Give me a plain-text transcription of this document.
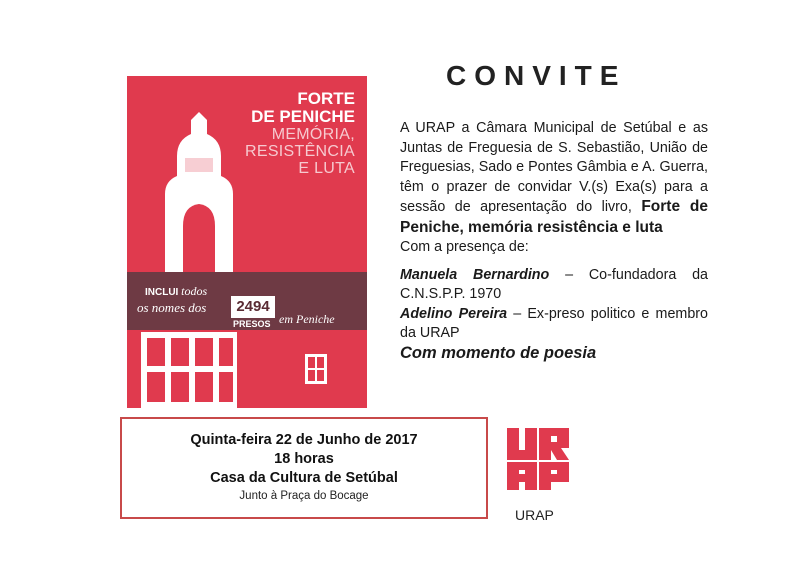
FORTE
DE PENICHE
MEMÓRIA,
RESISTÊNCIA
E LUTA
INCLUI todos
os nomes dos	2494
PRESOS em Peniche
CONVITE

A URAP a Câmara Municipal de Setúbal e as Juntas de Freguesia de S. Sebastião, União de Freguesias, Sado e Pontes Gâmbia e A. Guerra, têm o prazer de convidar V.(s) Exa(s) para a sessão de apresentação do livro, Forte de Peniche, memória resistência e luta

Com a presença de:

Manuela Bernardino – Co-fundadora da C.N.S.P.P. 1970

Adelino Pereira – Ex-preso politico e membro da URAP

Com momento de poesia

Quinta-feira 22 de Junho de 2017
18 horas
Casa da Cultura de Setúbal
Junto à Praça do Bocage
URAP
